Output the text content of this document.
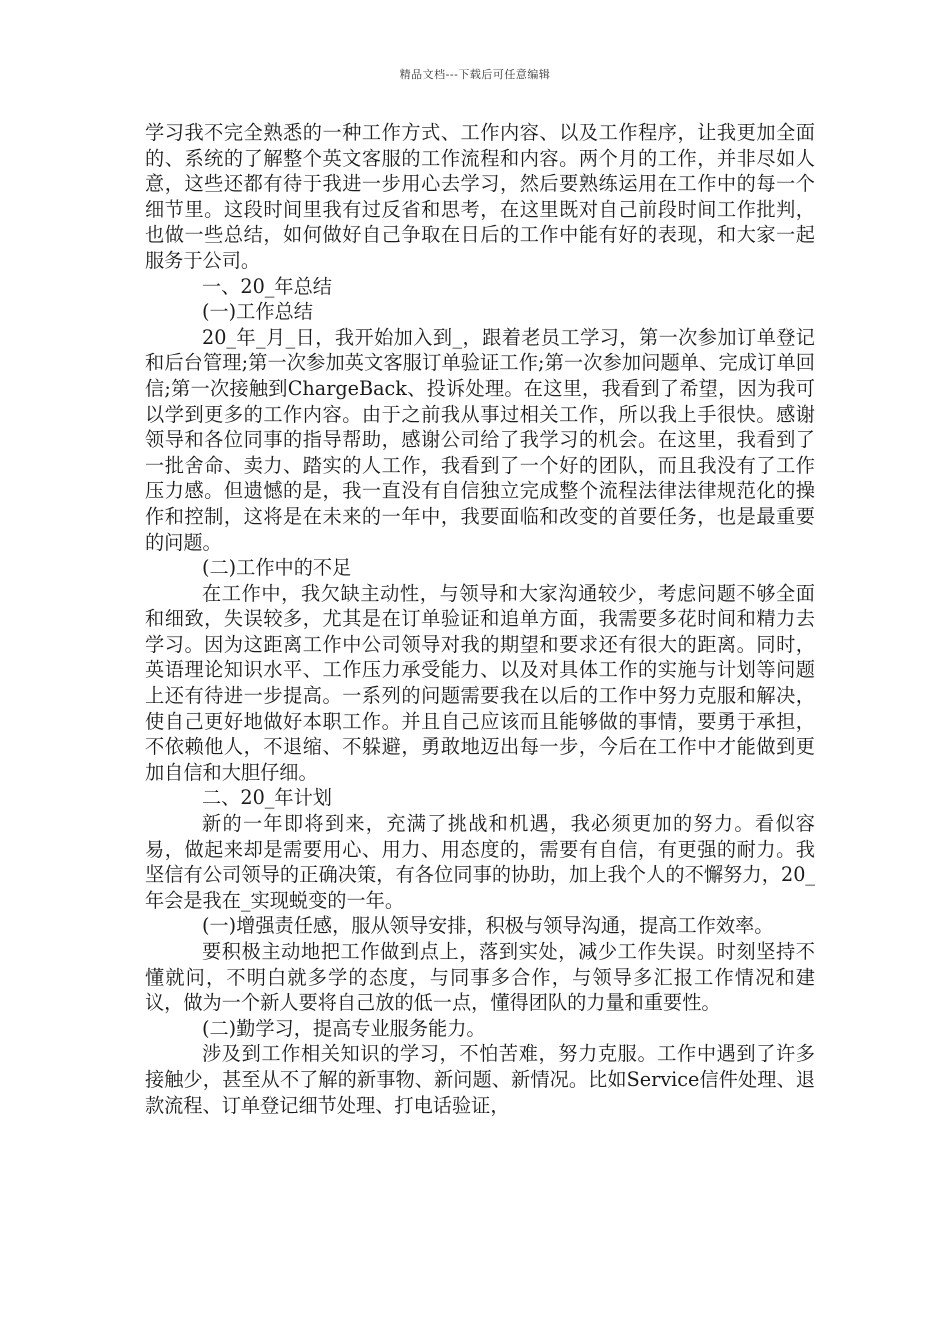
精品文档---下载后可任意编辑

学习我不完全熟悉的一种工作方式、工作内容、以及工作程序，让我更加全面的、系统的了解整个英文客服的工作流程和内容。两个月的工作，并非尽如人意，这些还都有待于我进一步用心去学习，然后要熟练运用在工作中的每一个细节里。这段时间里我有过反省和思考，在这里既对自己前段时间工作批判，也做一些总结，如何做好自己争取在日后的工作中能有好的表现，和大家一起服务于公司。

一、20_年总结

(一)工作总结

20_年_月_日，我开始加入到_，跟着老员工学习，第一次参加订单登记和后台管理;第一次参加英文客服订单验证工作;第一次参加问题单、完成订单回信;第一次接触到ChargeBack、投诉处理。在这里，我看到了希望，因为我可以学到更多的工作内容。由于之前我从事过相关工作，所以我上手很快。感谢领导和各位同事的指导帮助，感谢公司给了我学习的机会。在这里，我看到了一批舍命、卖力、踏实的人工作，我看到了一个好的团队，而且我没有了工作压力感。但遗憾的是，我一直没有自信独立完成整个流程法律法律规范化的操作和控制，这将是在未来的一年中，我要面临和改变的首要任务，也是最重要的问题。

(二)工作中的不足

在工作中，我欠缺主动性，与领导和大家沟通较少，考虑问题不够全面和细致，失误较多，尤其是在订单验证和追单方面，我需要多花时间和精力去学习。因为这距离工作中公司领导对我的期望和要求还有很大的距离。同时，英语理论知识水平、工作压力承受能力、以及对具体工作的实施与计划等问题上还有待进一步提高。一系列的问题需要我在以后的工作中努力克服和解决，使自己更好地做好本职工作。并且自己应该而且能够做的事情，要勇于承担，不依赖他人，不退缩、不躲避，勇敢地迈出每一步，今后在工作中才能做到更加自信和大胆仔细。

二、20_年计划

新的一年即将到来，充满了挑战和机遇，我必须更加的努力。看似容易，做起来却是需要用心、用力、用态度的，需要有自信，有更强的耐力。我坚信有公司领导的正确决策，有各位同事的协助，加上我个人的不懈努力，20_年会是我在_实现蜕变的一年。

(一)增强责任感，服从领导安排，积极与领导沟通，提高工作效率。

要积极主动地把工作做到点上，落到实处，减少工作失误。时刻坚持不懂就问，不明白就多学的态度，与同事多合作，与领导多汇报工作情况和建议，做为一个新人要将自己放的低一点，懂得团队的力量和重要性。

(二)勤学习，提高专业服务能力。

涉及到工作相关知识的学习，不怕苦难，努力克服。工作中遇到了许多接触少，甚至从不了解的新事物、新问题、新情况。比如Service信件处理、退款流程、订单登记细节处理、打电话验证，
